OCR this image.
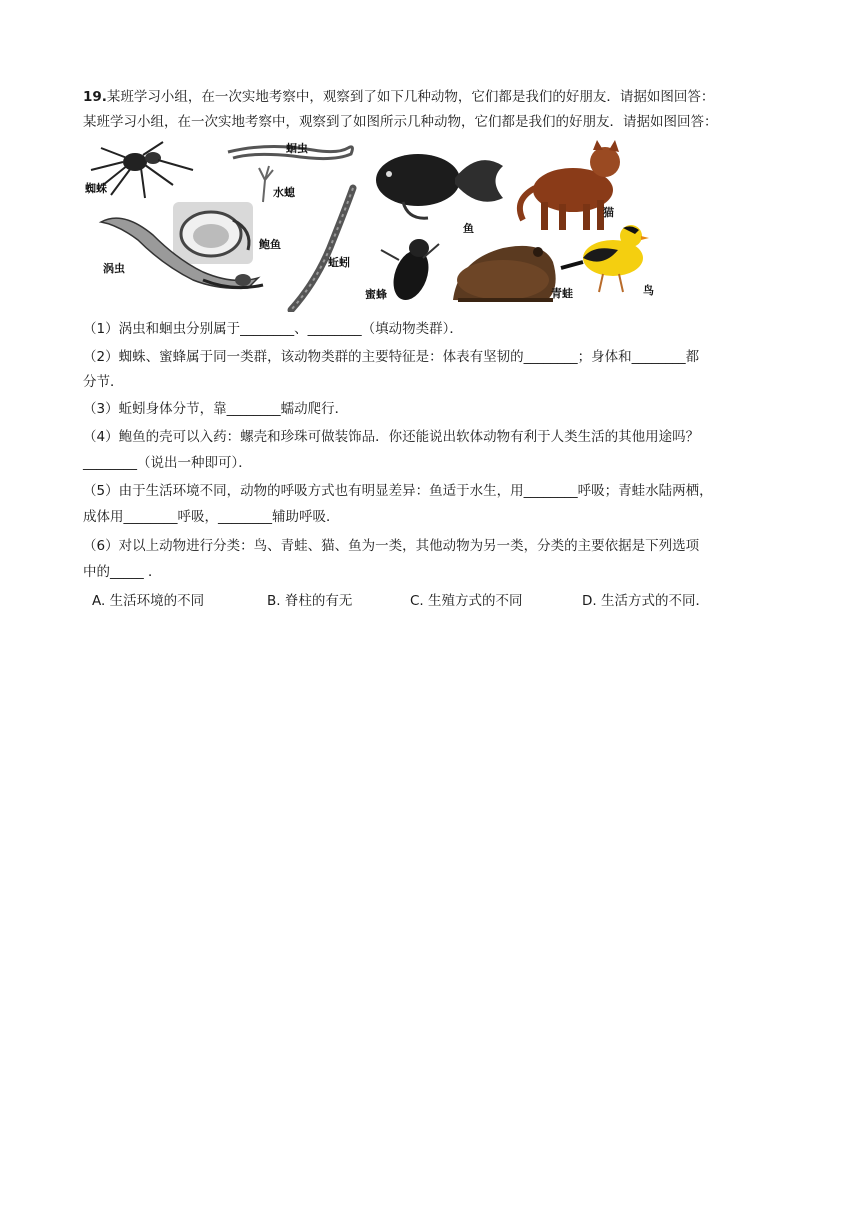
19.某班学习小组，在一次实地考察中，观察到了如下几种动物，它们都是我们的好朋友．请据如图回答：
某班学习小组，在一次实地考察中，观察到了如图所示几种动物，它们都是我们的好朋友．请据如图回答：
蜘蛛
蛔虫
水螅
鲍鱼
涡虫	蚯蚓
鱼
猫
蜜蜂	青蛙	鸟
（1）涡虫和蛔虫分别属于________、________（填动物类群）．
（2）蜘蛛、蜜蜂属于同一类群，该动物类群的主要特征是：体表有坚韧的________；身体和________都
分节．
（3）蚯蚓身体分节，靠________蠕动爬行．
（4）鲍鱼的壳可以入药：螺壳和珍珠可做装饰品．你还能说出软体动物有利于人类生活的其他用途吗？
________（说出一种即可）．
（5）由于生活环境不同，动物的呼吸方式也有明显差异：鱼适于水生，用________呼吸；青蛙水陆两栖，
成体用________呼吸，________辅助呼吸．
（6）对以上动物进行分类：鸟、青蛙、猫、鱼为一类，其他动物为另一类，分类的主要依据是下列选项
中的_____ ．
A. 生活环境的不同	B. 脊柱的有无	C. 生殖方式的不同	D. 生活方式的不同．
